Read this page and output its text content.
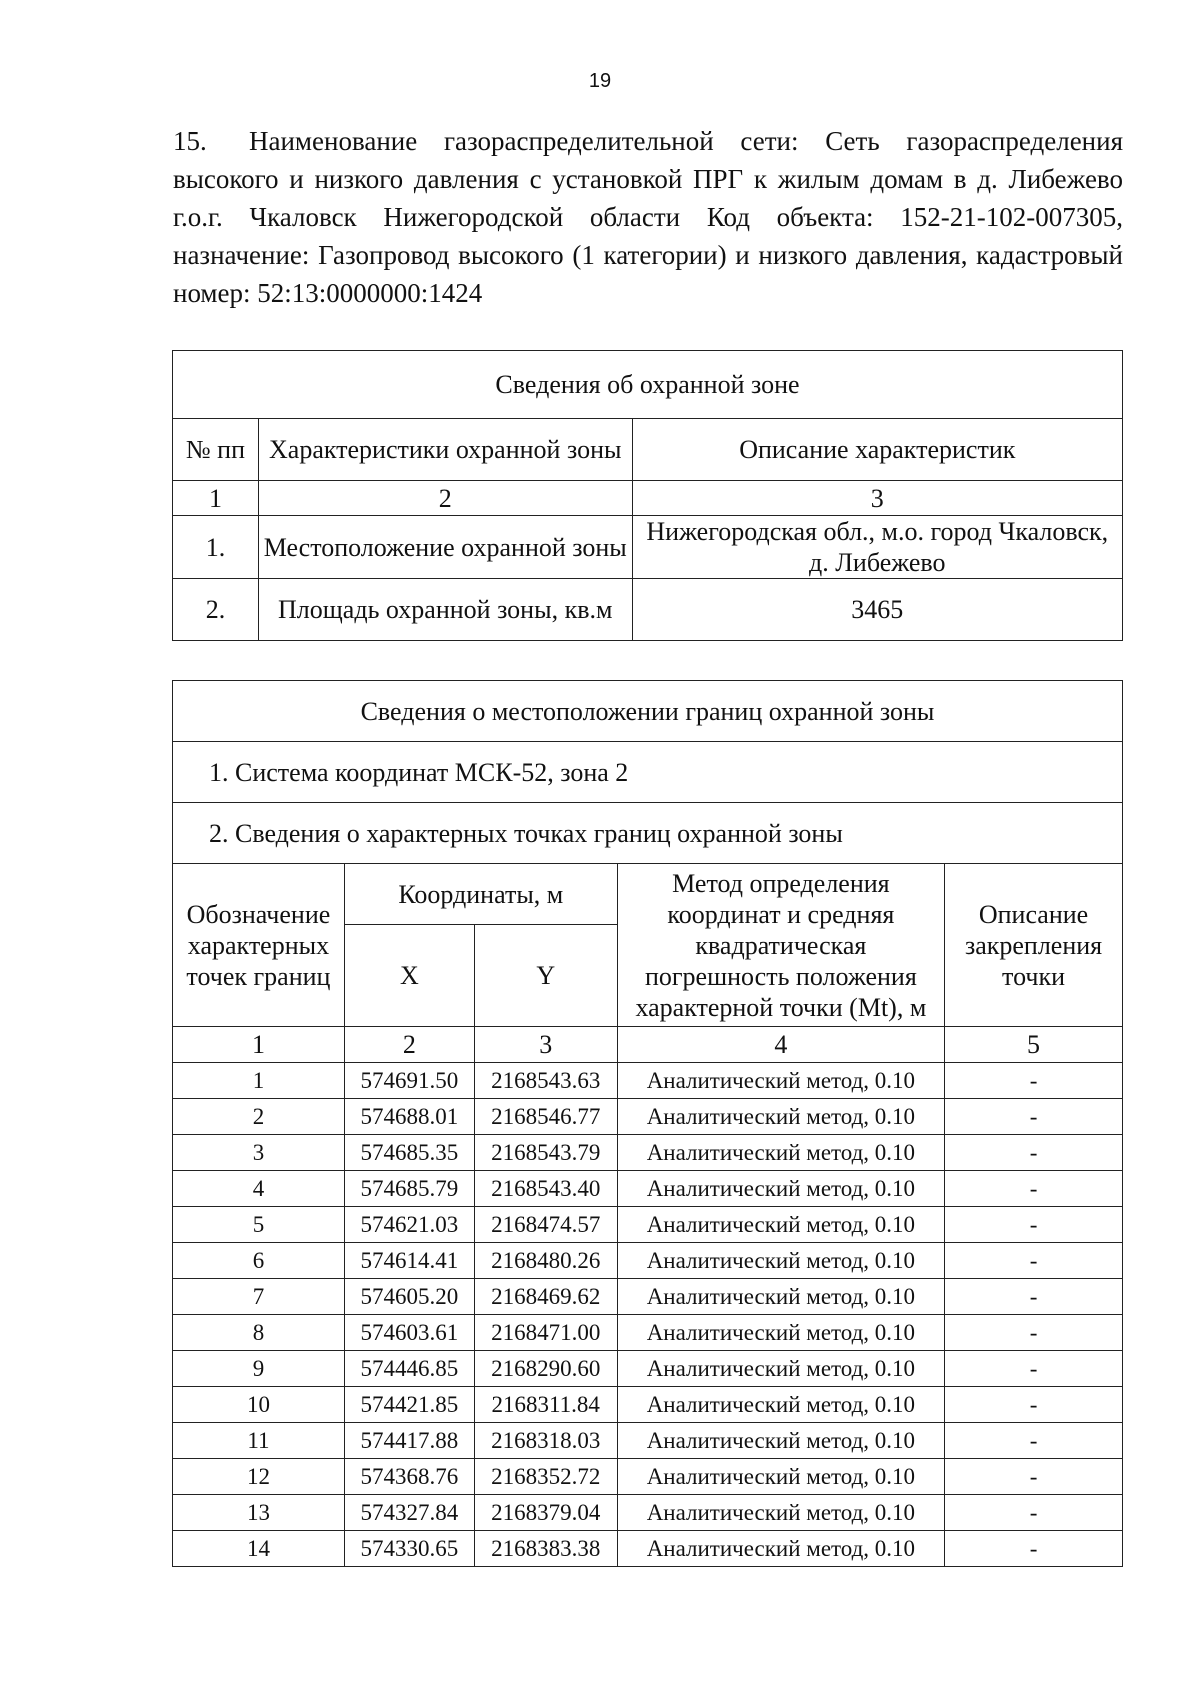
19
15. Наименование газораспределительной сети: Сеть газораспределения высокого и низкого давления с установкой ПРГ к жилым домам в д. Либежево г.о.г. Чкаловск Нижегородской области Код объекта: 152-21-102-007305, назначение: Газопровод высокого (1 категории) и низкого давления, кадастровый номер: 52:13:0000000:1424
Сведения об охранной зоне		
№ пп	Характеристики охранной зоны	Описание характеристик
1	2	3
1.	Местоположение охранной зоны	Нижегородская обл., м.о. город Чкаловск, д. Либежево
2.	Площадь охранной зоны, кв.м	3465
Сведения о местоположении границ охранной зоны				
1. Система координат МСК-52, зона 2				
2. Сведения о характерных точках границ охранной зоны				
Обозначение характерных точек границ	Координаты, м		Метод определения координат и средняя квадратическая погрешность положения характерной точки (Mt), м	Описание закрепления точки
	X	Y		
1	2	3	4	5
1	574691.50	2168543.63	Аналитический метод, 0.10	-
2	574688.01	2168546.77	Аналитический метод, 0.10	-
3	574685.35	2168543.79	Аналитический метод, 0.10	-
4	574685.79	2168543.40	Аналитический метод, 0.10	-
5	574621.03	2168474.57	Аналитический метод, 0.10	-
6	574614.41	2168480.26	Аналитический метод, 0.10	-
7	574605.20	2168469.62	Аналитический метод, 0.10	-
8	574603.61	2168471.00	Аналитический метод, 0.10	-
9	574446.85	2168290.60	Аналитический метод, 0.10	-
10	574421.85	2168311.84	Аналитический метод, 0.10	-
11	574417.88	2168318.03	Аналитический метод, 0.10	-
12	574368.76	2168352.72	Аналитический метод, 0.10	-
13	574327.84	2168379.04	Аналитический метод, 0.10	-
14	574330.65	2168383.38	Аналитический метод, 0.10	-
